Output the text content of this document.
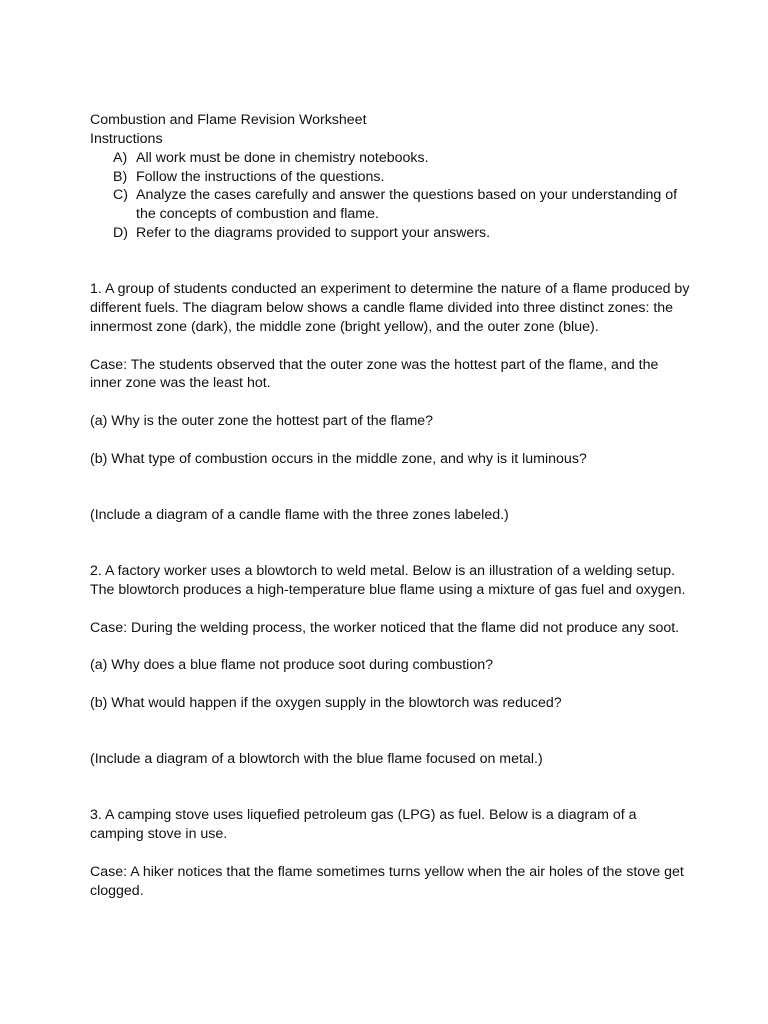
Combustion and Flame Revision Worksheet
Instructions
A) All work must be done in chemistry notebooks.
B) Follow the instructions of the questions.
C) Analyze the cases carefully and answer the questions based on your understanding of the concepts of combustion and flame.
D) Refer to the diagrams provided to support your answers.
1. A group of students conducted an experiment to determine the nature of a flame produced by
different fuels. The diagram below shows a candle flame divided into three distinct zones: the
innermost zone (dark), the middle zone (bright yellow), and the outer zone (blue).
Case: The students observed that the outer zone was the hottest part of the flame, and the
inner zone was the least hot.
(a) Why is the outer zone the hottest part of the flame?
(b) What type of combustion occurs in the middle zone, and why is it luminous?
(Include a diagram of a candle flame with the three zones labeled.)
2. A factory worker uses a blowtorch to weld metal. Below is an illustration of a welding setup.
The blowtorch produces a high-temperature blue flame using a mixture of gas fuel and oxygen.
Case: During the welding process, the worker noticed that the flame did not produce any soot.
(a) Why does a blue flame not produce soot during combustion?
(b) What would happen if the oxygen supply in the blowtorch was reduced?
(Include a diagram of a blowtorch with the blue flame focused on metal.)
3. A camping stove uses liquefied petroleum gas (LPG) as fuel. Below is a diagram of a
camping stove in use.
Case: A hiker notices that the flame sometimes turns yellow when the air holes of the stove get
clogged.
